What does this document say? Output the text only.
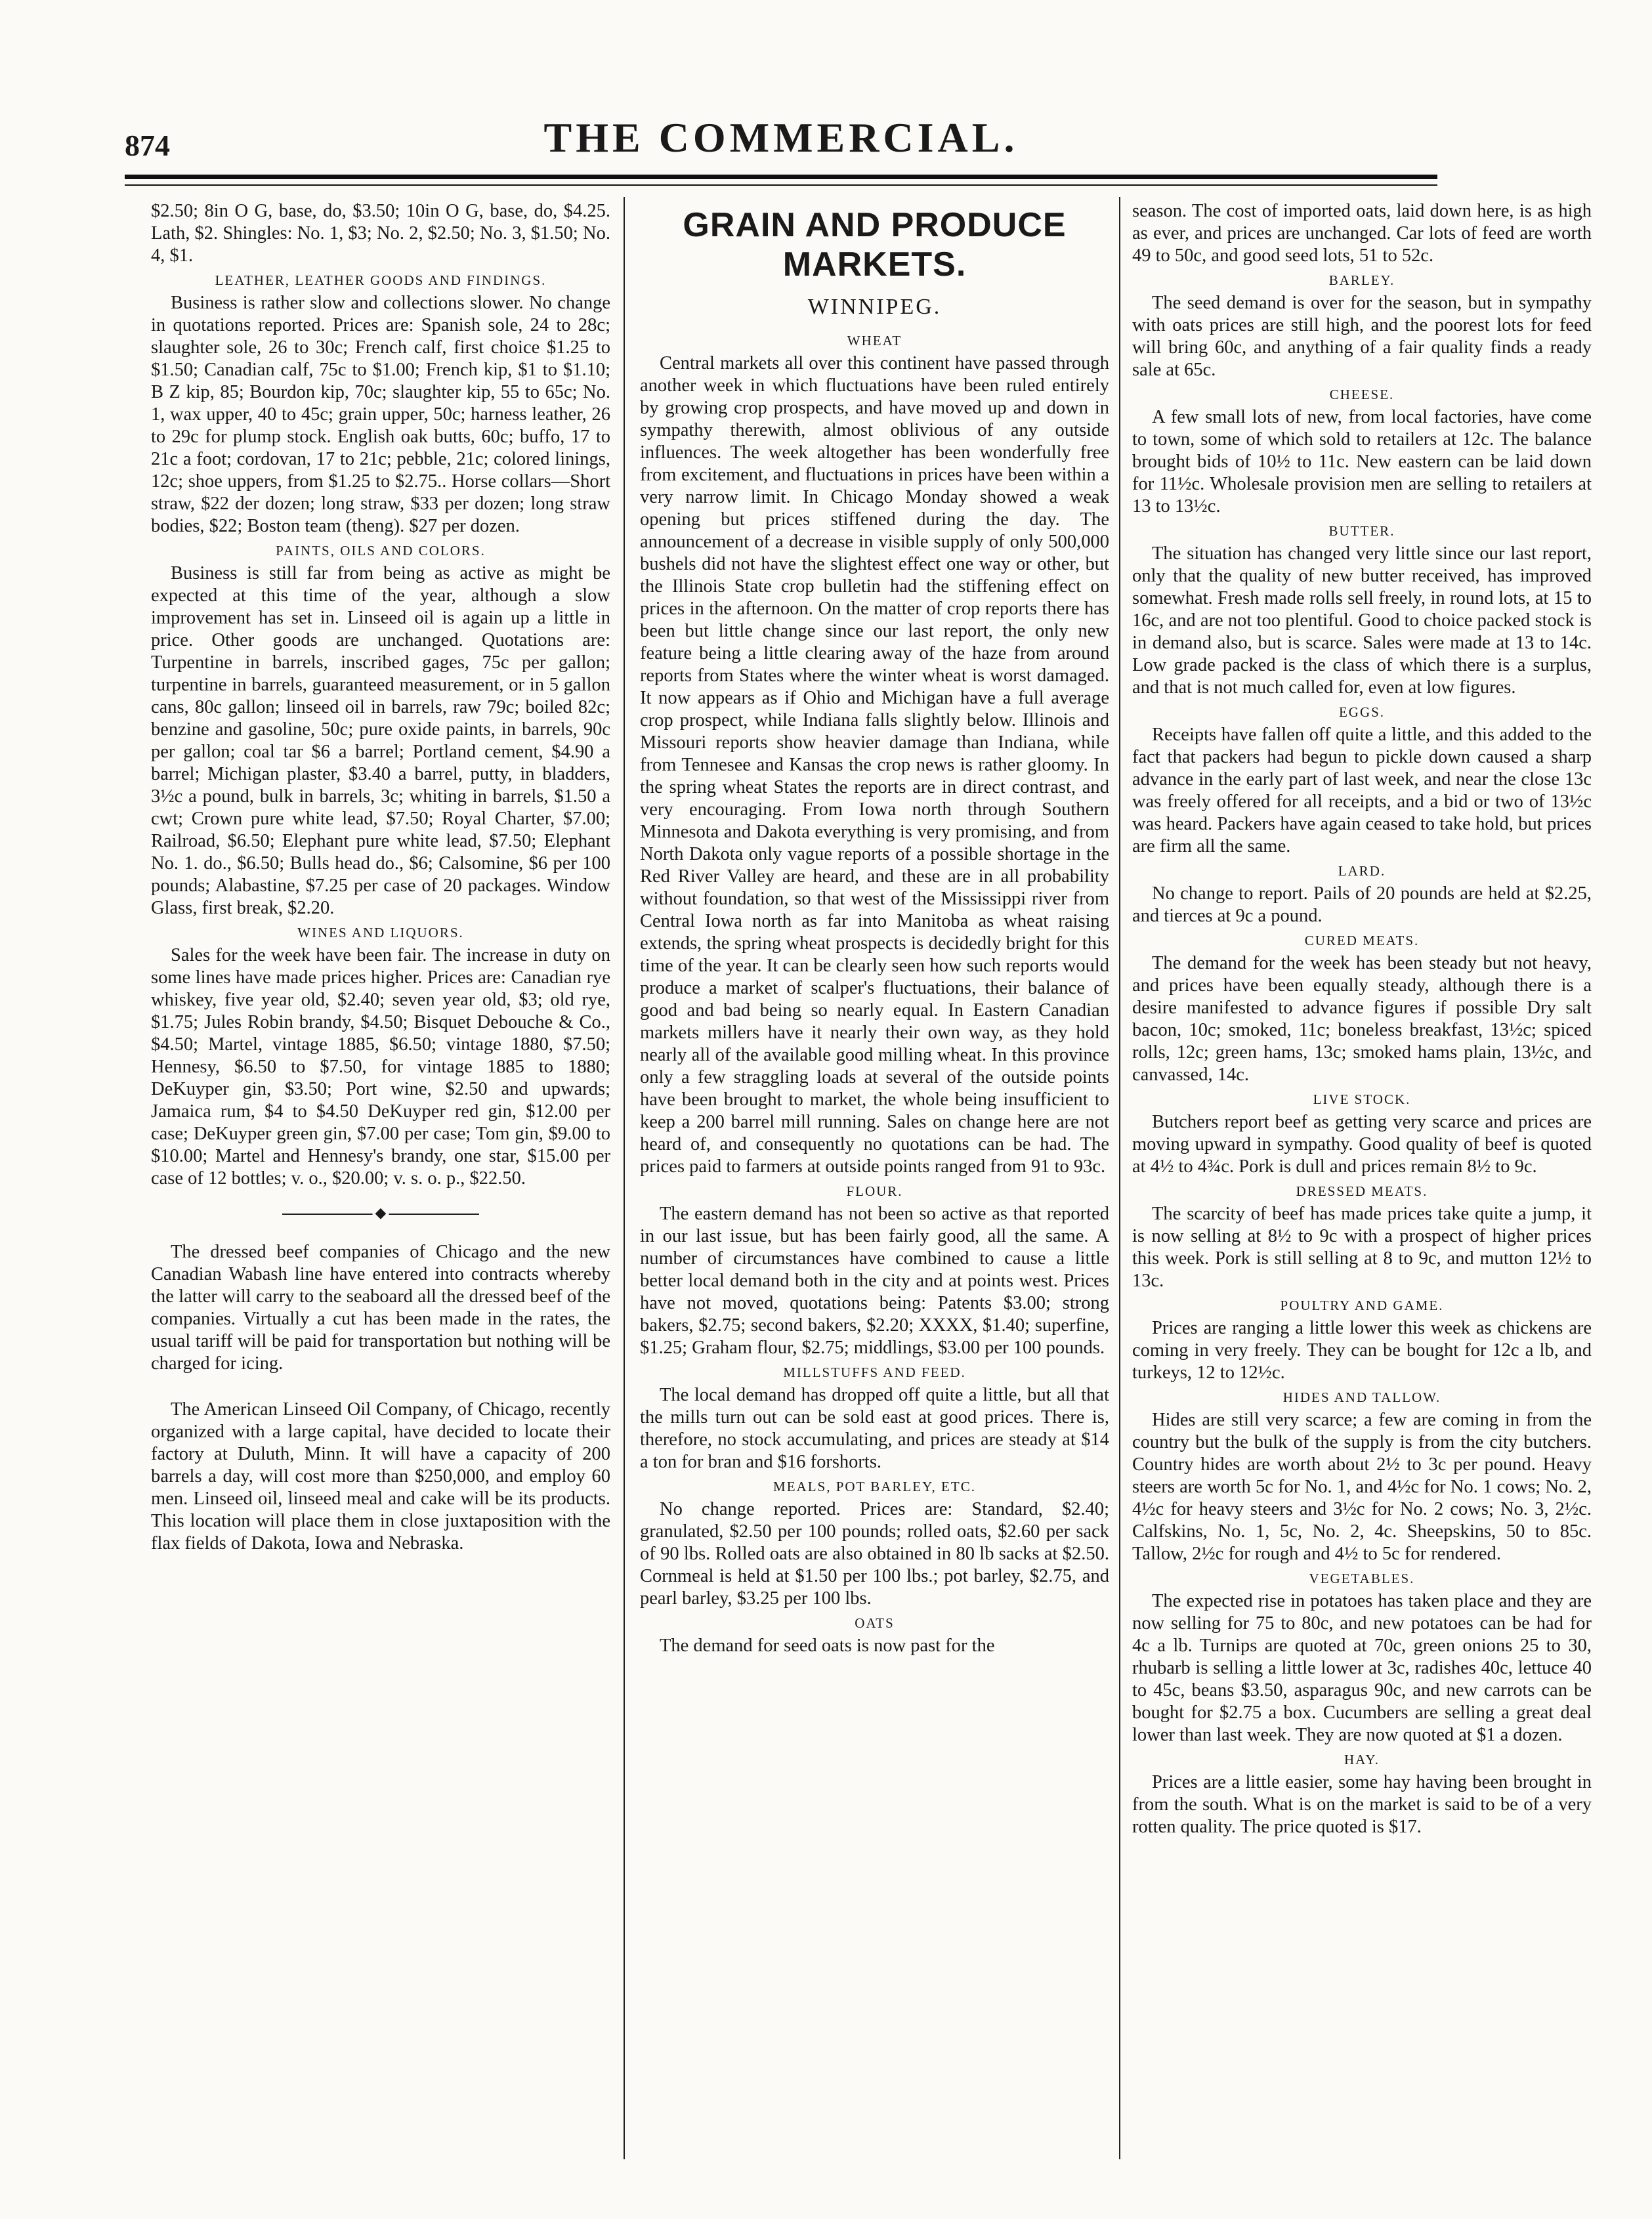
874	THE COMMERCIAL.

$2.50; 8in O G, base, do, $3.50; 10in O G, base, do, $4.25. Lath, $2. Shingles: No. 1, $3; No. 2, $2.50; No. 3, $1.50; No. 4, $1.

LEATHER, LEATHER GOODS AND FINDINGS.

Business is rather slow and collections slower. No change in quotations reported. Prices are: Spanish sole, 24 to 28c; slaughter sole, 26 to 30c; French calf, first choice $1.25 to $1.50; Canadian calf, 75c to $1.00; French kip, $1 to $1.10; B Z kip, 85; Bourdon kip, 70c; slaughter kip, 55 to 65c; No. 1, wax upper, 40 to 45c; grain upper, 50c; harness leather, 26 to 29c for plump stock. English oak butts, 60c; buffo, 17 to 21c a foot; cordovan, 17 to 21c; pebble, 21c; colored linings, 12c; shoe uppers, from $1.25 to $2.75.. Horse collars—Short straw, $22 der dozen; long straw, $33 per dozen; long straw bodies, $22; Boston team (theng). $27 per dozen.

PAINTS, OILS AND COLORS.

Business is still far from being as active as might be expected at this time of the year, although a slow improvement has set in. Linseed oil is again up a little in price. Other goods are unchanged. Quotations are: Turpentine in barrels, inscribed gages, 75c per gallon; turpentine in barrels, guaranteed measurement, or in 5 gallon cans, 80c gallon; linseed oil in barrels, raw 79c; boiled 82c; benzine and gasoline, 50c; pure oxide paints, in barrels, 90c per gallon; coal tar $6 a barrel; Portland cement, $4.90 a barrel; Michigan plaster, $3.40 a barrel, putty, in bladders, 3½c a pound, bulk in barrels, 3c; whiting in barrels, $1.50 a cwt; Crown pure white lead, $7.50; Royal Charter, $7.00; Railroad, $6.50; Elephant pure white lead, $7.50; Elephant No. 1. do., $6.50; Bulls head do., $6; Calsomine, $6 per 100 pounds; Alabastine, $7.25 per case of 20 packages. Window Glass, first break, $2.20.

WINES AND LIQUORS.

Sales for the week have been fair. The increase in duty on some lines have made prices higher. Prices are: Canadian rye whiskey, five year old, $2.40; seven year old, $3; old rye, $1.75; Jules Robin brandy, $4.50; Bisquet Debouche & Co., $4.50; Martel, vintage 1885, $6.50; vintage 1880, $7.50; Hennesy, $6.50 to $7.50, for vintage 1885 to 1880; DeKuyper gin, $3.50; Port wine, $2.50 and upwards; Jamaica rum, $4 to $4.50 DeKuyper red gin, $12.00 per case; DeKuyper green gin, $7.00 per case; Tom gin, $9.00 to $10.00; Martel and Hennesy's brandy, one star, $15.00 per case of 12 bottles; v. o., $20.00; v. s. o. p., $22.50.

◆

The dressed beef companies of Chicago and the new Canadian Wabash line have entered into contracts whereby the latter will carry to the seaboard all the dressed beef of the companies. Virtually a cut has been made in the rates, the usual tariff will be paid for transportation but nothing will be charged for icing.

The American Linseed Oil Company, of Chicago, recently organized with a large capital, have decided to locate their factory at Duluth, Minn. It will have a capacity of 200 barrels a day, will cost more than $250,000, and employ 60 men. Linseed oil, linseed meal and cake will be its products. This location will place them in close juxtaposition with the flax fields of Dakota, Iowa and Nebraska.

GRAIN AND PRODUCE MARKETS.
WINNIPEG.
WHEAT

Central markets all over this continent have passed through another week in which fluctuations have been ruled entirely by growing crop prospects, and have moved up and down in sympathy therewith, almost oblivious of any outside influences. The week altogether has been wonderfully free from excitement, and fluctuations in prices have been within a very narrow limit. In Chicago Monday showed a weak opening but prices stiffened during the day. The announcement of a decrease in visible supply of only 500,000 bushels did not have the slightest effect one way or other, but the Illinois State crop bulletin had the stiffening effect on prices in the afternoon. On the matter of crop reports there has been but little change since our last report, the only new feature being a little clearing away of the haze from around reports from States where the winter wheat is worst damaged. It now appears as if Ohio and Michigan have a full average crop prospect, while Indiana falls slightly below. Illinois and Missouri reports show heavier damage than Indiana, while from Tennesee and Kansas the crop news is rather gloomy. In the spring wheat States the reports are in direct contrast, and very encouraging. From Iowa north through Southern Minnesota and Dakota everything is very promising, and from North Dakota only vague reports of a possible shortage in the Red River Valley are heard, and these are in all probability without foundation, so that west of the Mississippi river from Central Iowa north as far into Manitoba as wheat raising extends, the spring wheat prospects is decidedly bright for this time of the year. It can be clearly seen how such reports would produce a market of scalper's fluctuations, their balance of good and bad being so nearly equal. In Eastern Canadian markets millers have it nearly their own way, as they hold nearly all of the available good milling wheat. In this province only a few straggling loads at several of the outside points have been brought to market, the whole being insufficient to keep a 200 barrel mill running. Sales on change here are not heard of, and consequently no quotations can be had. The prices paid to farmers at outside points ranged from 91 to 93c.

FLOUR.

The eastern demand has not been so active as that reported in our last issue, but has been fairly good, all the same. A number of circumstances have combined to cause a little better local demand both in the city and at points west. Prices have not moved, quotations being: Patents $3.00; strong bakers, $2.75; second bakers, $2.20; XXXX, $1.40; superfine, $1.25; Graham flour, $2.75; middlings, $3.00 per 100 pounds.

MILLSTUFFS AND FEED.

The local demand has dropped off quite a little, but all that the mills turn out can be sold east at good prices. There is, therefore, no stock accumulating, and prices are steady at $14 a ton for bran and $16 forshorts.

MEALS, POT BARLEY, ETC.

No change reported. Prices are: Standard, $2.40; granulated, $2.50 per 100 pounds; rolled oats, $2.60 per sack of 90 lbs. Rolled oats are also obtained in 80 lb sacks at $2.50. Cornmeal is held at $1.50 per 100 lbs.; pot barley, $2.75, and pearl barley, $3.25 per 100 lbs.

OATS

The demand for seed oats is now past for the

season. The cost of imported oats, laid down here, is as high as ever, and prices are unchanged. Car lots of feed are worth 49 to 50c, and good seed lots, 51 to 52c.

BARLEY.

The seed demand is over for the season, but in sympathy with oats prices are still high, and the poorest lots for feed will bring 60c, and anything of a fair quality finds a ready sale at 65c.

CHEESE.

A few small lots of new, from local factories, have come to town, some of which sold to retailers at 12c. The balance brought bids of 10½ to 11c. New eastern can be laid down for 11½c. Wholesale provision men are selling to retailers at 13 to 13½c.

BUTTER.

The situation has changed very little since our last report, only that the quality of new butter received, has improved somewhat. Fresh made rolls sell freely, in round lots, at 15 to 16c, and are not too plentiful. Good to choice packed stock is in demand also, but is scarce. Sales were made at 13 to 14c. Low grade packed is the class of which there is a surplus, and that is not much called for, even at low figures.

EGGS.

Receipts have fallen off quite a little, and this added to the fact that packers had begun to pickle down caused a sharp advance in the early part of last week, and near the close 13c was freely offered for all receipts, and a bid or two of 13½c was heard. Packers have again ceased to take hold, but prices are firm all the same.

LARD.

No change to report. Pails of 20 pounds are held at $2.25, and tierces at 9c a pound.

CURED MEATS.

The demand for the week has been steady but not heavy, and prices have been equally steady, although there is a desire manifested to advance figures if possible Dry salt bacon, 10c; smoked, 11c; boneless breakfast, 13½c; spiced rolls, 12c; green hams, 13c; smoked hams plain, 13½c, and canvassed, 14c.

LIVE STOCK.

Butchers report beef as getting very scarce and prices are moving upward in sympathy. Good quality of beef is quoted at 4½ to 4¾c. Pork is dull and prices remain 8½ to 9c.

DRESSED MEATS.

The scarcity of beef has made prices take quite a jump, it is now selling at 8½ to 9c with a prospect of higher prices this week. Pork is still selling at 8 to 9c, and mutton 12½ to 13c.

POULTRY AND GAME.

Prices are ranging a little lower this week as chickens are coming in very freely. They can be bought for 12c a lb, and turkeys, 12 to 12½c.

HIDES AND TALLOW.

Hides are still very scarce; a few are coming in from the country but the bulk of the supply is from the city butchers. Country hides are worth about 2½ to 3c per pound. Heavy steers are worth 5c for No. 1, and 4½c for No. 1 cows; No. 2, 4½c for heavy steers and 3½c for No. 2 cows; No. 3, 2½c. Calfskins, No. 1, 5c, No. 2, 4c. Sheepskins, 50 to 85c. Tallow, 2½c for rough and 4½ to 5c for rendered.

VEGETABLES.

The expected rise in potatoes has taken place and they are now selling for 75 to 80c, and new potatoes can be had for 4c a lb. Turnips are quoted at 70c, green onions 25 to 30, rhubarb is selling a little lower at 3c, radishes 40c, lettuce 40 to 45c, beans $3.50, asparagus 90c, and new carrots can be bought for $2.75 a box. Cucumbers are selling a great deal lower than last week. They are now quoted at $1 a dozen.

HAY.

Prices are a little easier, some hay having been brought in from the south. What is on the market is said to be of a very rotten quality. The price quoted is $17.
